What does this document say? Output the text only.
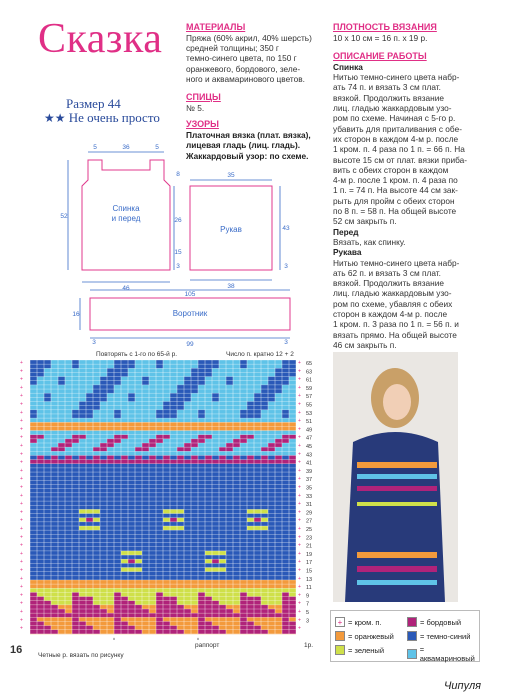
Сказка
Размер 44
★★ Не очень просто
МАТЕРИАЛЫ
Пряжа (60% акрил, 40% шерсть)
средней толщины; 350 г
темно-синего цвета, по 150 г
оранжевого, бордового, зеле-
ного и аквамаринового цветов.
СПИЦЫ
№ 5.
УЗОРЫ
Платочная вязка (плат. вязка),
лицевая гладь (лиц. гладь).
Жаккардовый узор: по схеме.
ПЛОТНОСТЬ ВЯЗАНИЯ
10 х 10 см = 16 п. х 19 р.
ОПИСАНИЕ РАБОТЫ
Спинка
Нитью темно-синего цвета набр-
ать 74 п. и вязать 3 см плат.
вязкой. Продолжить вязание
лиц. гладью жаккардовым узо-
ром по схеме. Начиная с 5-го р.
убавить для приталивания с обе-
их сторон в каждом 4-м р. после
1 кром. п. 4 раза по 1 п. = 66 п. На
высоте 15 см от плат. вязки приба-
вить с обеих сторон в каждом
4-м р. после 1 кром. п. 4 раза по
1 п. = 74 п. На высоте 44 см зак-
рыть для пройм с обеих сторон
по 8 п. = 58 п. На общей высоте
52 см закрыть п.
Перед
Вязать, как спинку.
Рукава
Нитью темно-синего цвета набр-
ать 62 п. и вязать 3 см плат.
вязкой. Продолжить вязание
лиц. гладью жаккардовым узо-
ром по схеме, убавляя с обеих
сторон в каждом 4-м р. после
1 кром. п. 3 раза по 1 п. = 56 п. и
вязать прямо. На общей высоте
46 см закрыть п.
5	36	5
52
8
26
15
3
46
35
43
3
38
105
16
3	99	3
Спинка и перед
Рукав
Воротник
Повторять с 1-го по 65-й р.	Число п. кратно 12 + 2
+
+
+
+
+
+
+
+
+
+
+
+
+
+
+
+
+
+
+
+
+
+
+
+
+
+
+
+
+
+
+
+
+
+
+
+
+
+
+
+
+
+
+
+
+
+
+
+
+
+
+
+
+
+
+
+
+
+
+
+
+
+
+
+
+
+
65
63
61
59
57
55
53
51
49
47
45
43
41
39
37
35
33
31
29
27
25
23
21
19
17
15
13
11
9
7
5
3
Четные р. вязать по рисунку
раппорт	1р.
+ = кром. п.	= бордовый
= оранжевый	= темно-синий
= зеленый	= аквамариновый
16
Чипуля
